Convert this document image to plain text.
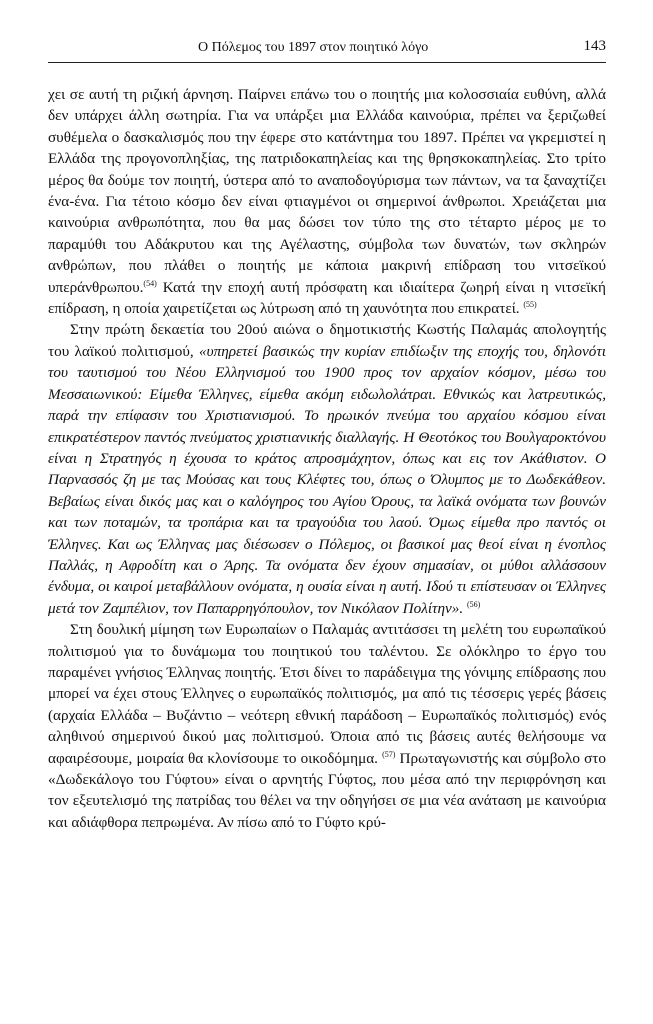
Ο Πόλεμος του 1897 στον ποιητικό λόγο	143

χει σε αυτή τη ριζική άρνηση. Παίρνει επάνω του ο ποιητής μια κολοσσιαία ευθύνη, αλλά δεν υπάρχει άλλη σωτηρία. Για να υπάρξει μια Ελλάδα καινούρια, πρέπει να ξεριζωθεί συθέμελα ο δασκαλισμός που την έφερε στο κατάντημα του 1897. Πρέπει να γκρεμιστεί η Ελλάδα της προγονοπληξίας, της πατριδοκαπηλείας και της θρησκοκαπηλείας. Στο τρίτο μέρος θα δούμε τον ποιητή, ύστερα από το αναποδογύρισμα των πάντων, να τα ξαναχτίζει ένα-ένα. Για τέτοιο κόσμο δεν είναι φτιαγμένοι οι σημερινοί άνθρωποι. Χρειάζεται μια καινούρια ανθρωπότητα, που θα μας δώσει τον τύπο της στο τέταρτο μέρος με το παραμύθι του Αδάκρυτου και της Αγέλαστης, σύμβολα των δυνατών, των σκληρών ανθρώπων, που πλάθει ο ποιητής με κάποια μακρινή επίδραση του νιτσεϊκού υπεράνθρωπου.$^{(54)}$ Κατά την εποχή αυτή πρόσφατη και ιδιαίτερα ζωηρή είναι η νιτσεϊκή επίδραση, η οποία χαιρετίζεται ως λύτρωση από τη χαυνότητα που επικρατεί. $^{(55)}$

Στην πρώτη δεκαετία του 20ού αιώνα ο δημοτικιστής Κωστής Παλαμάς απολογητής του λαϊκού πολιτισμού, «υπηρετεί βασικώς την κυρίαν επιδίωξιν της εποχής του, δηλονότι του ταυτισμού του Νέου Ελληνισμού του 1900 προς τον αρχαίον κόσμον, μέσω του Μεσσαιωνικού: Είμεθα Έλληνες, είμεθα ακόμη ειδωλολάτραι. Εθνικώς και λατρευτικώς, παρά την επίφασιν του Χριστιανισμού. Το ηρωικόν πνεύμα του αρχαίου κόσμου είναι επικρατέστερον παντός πνεύματος χριστιανικής διαλλαγής. Η Θεοτόκος του Βουλγαροκτόνου είναι η Στρατηγός η έχουσα το κράτος απροσμάχητον, όπως και εις τον Ακάθιστον. Ο Παρνασσός ζη με τας Μούσας και τους Κλέφτες του, όπως ο Όλυμπος με το Δωδεκάθεον. Βεβαίως είναι δικός μας και ο καλόγηρος του Αγίου Όρους, τα λαϊκά ονόματα των βουνών και των ποταμών, τα τροπάρια και τα τραγούδια του λαού. Όμως είμεθα προ παντός οι Έλληνες. Και ως Έλληνας μας διέσωσεν ο Πόλεμος, οι βασικοί μας θεοί είναι η ένοπλος Παλλάς, η Αφροδίτη και ο Άρης. Τα ονόματα δεν έχουν σημασίαν, οι μύθοι αλλάσσουν ένδυμα, οι καιροί μεταβάλλουν ονόματα, η ουσία είναι η αυτή. Ιδού τι επίστευσαν οι Έλληνες μετά τον Ζαμπέλιον, τον Παπαρρηγόπουλον, τον Νικόλαον Πολίτην». $^{(56)}$

Στη δουλική μίμηση των Ευρωπαίων ο Παλαμάς αντιτάσσει τη μελέτη του ευρωπαϊκού πολιτισμού για το δυνάμωμα του ποιητικού του ταλέντου. Σε ολόκληρο το έργο του παραμένει γνήσιος Έλληνας ποιητής. Έτσι δίνει το παράδειγμα της γόνιμης επίδρασης που μπορεί να έχει στους Έλληνες ο ευρωπαϊκός πολιτισμός, μα από τις τέσσερις γερές βάσεις (αρχαία Ελλάδα – Βυζάντιο – νεότερη εθνική παράδοση – Ευρωπαϊκός πολιτισμός) ενός αληθινού σημερινού δικού μας πολιτισμού. Όποια από τις βάσεις αυτές θελήσουμε να αφαιρέσουμε, μοιραία θα κλονίσουμε το οικοδόμημα. $^{(57)}$ Πρωταγωνιστής και σύμβολο στο «Δωδεκάλογο του Γύφτου» είναι ο αρνητής Γύφτος, που μέσα από την περιφρόνηση και τον εξευτελισμό της πατρίδας του θέλει να την οδηγήσει σε μια νέα ανάταση με καινούρια και αδιάφθορα πεπρωμένα. Αν πίσω από το Γύφτο κρύ-
